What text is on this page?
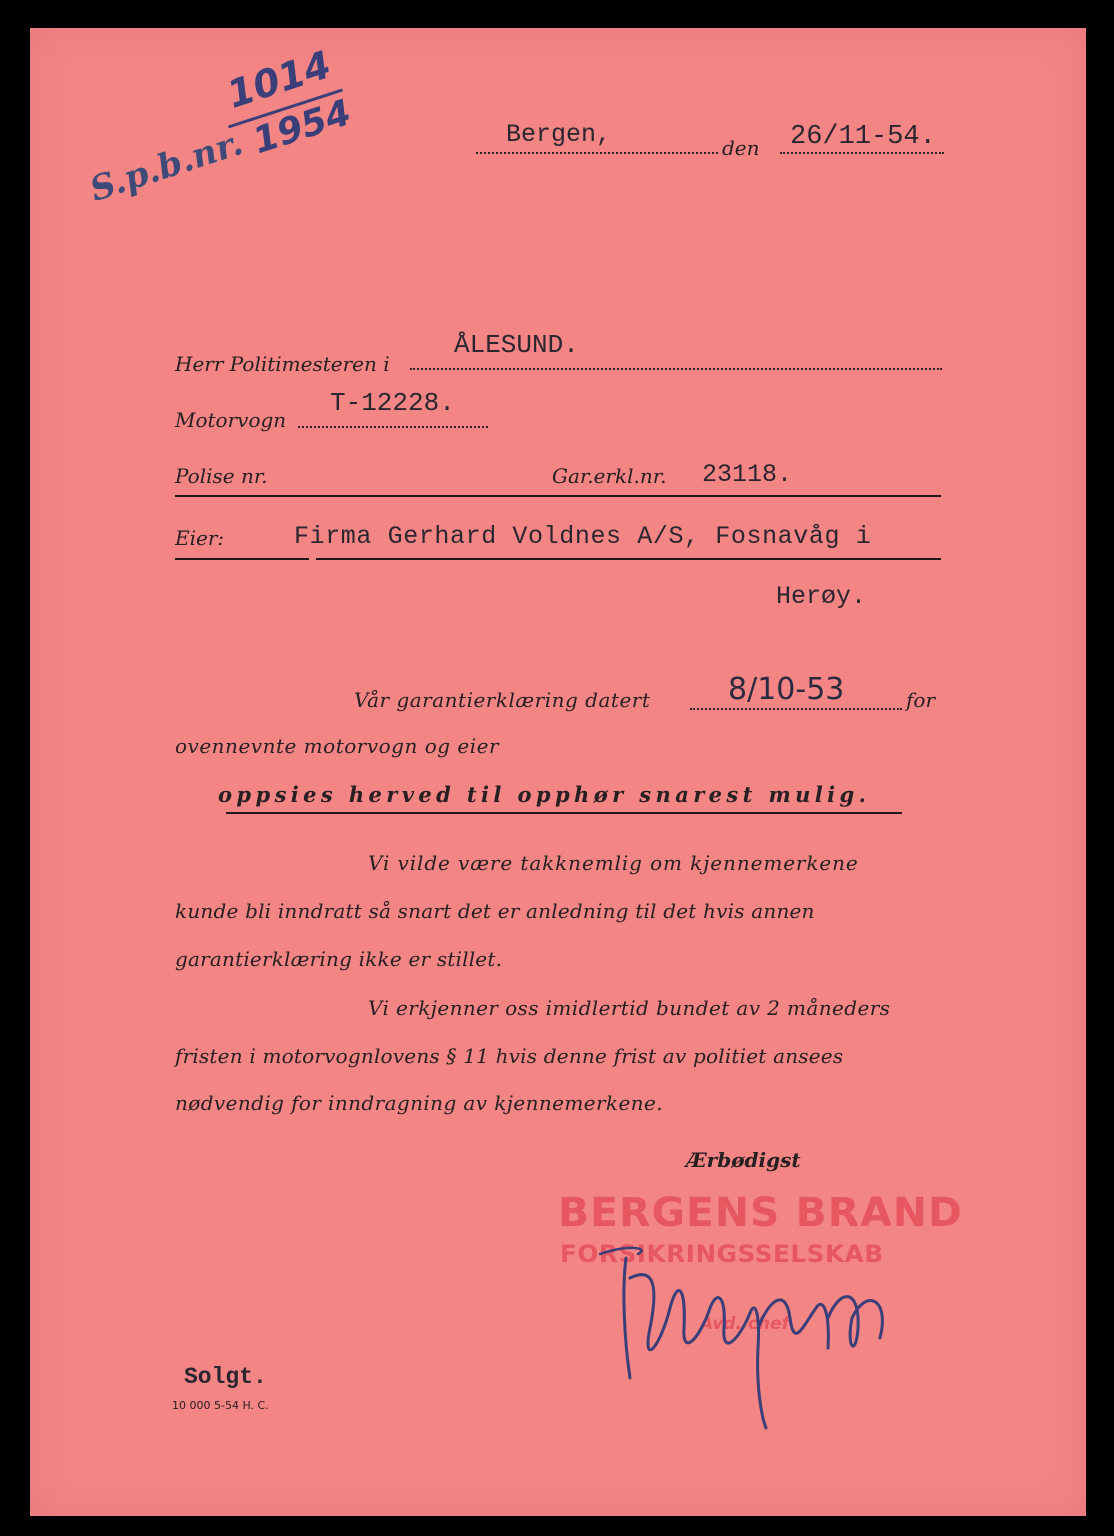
S.p.b.nr.
1014
1954	Bergen,	den 26/11-54.
Herr Politimesteren i
ÅLESUND.
Motorvogn
T-12228.
Polise nr.	Gar.erkl.nr. 23118.
Eier:	Firma Gerhard Voldnes A/S, Fosnavåg i
Herøy.
Vår garantierklæring datert	8/10-53	for
ovennevnte motorvogn og eier
oppsies herved til opphør snarest mulig.
Vi vilde være takknemlig om kjennemerkene
kunde bli inndratt så snart det er anledning til det hvis annen
garantierklæring ikke er stillet.
Vi erkjenner oss imidlertid bundet av 2 måneders
fristen i motorvognlovens § 11 hvis denne frist av politiet ansees
nødvendig for inndragning av kjennemerkene.
Ærbødigst
BERGENS BRAND
FORSIKRINGSSELSKAB
Avd. chef
Solgt.
10 000 5-54 H. C.
